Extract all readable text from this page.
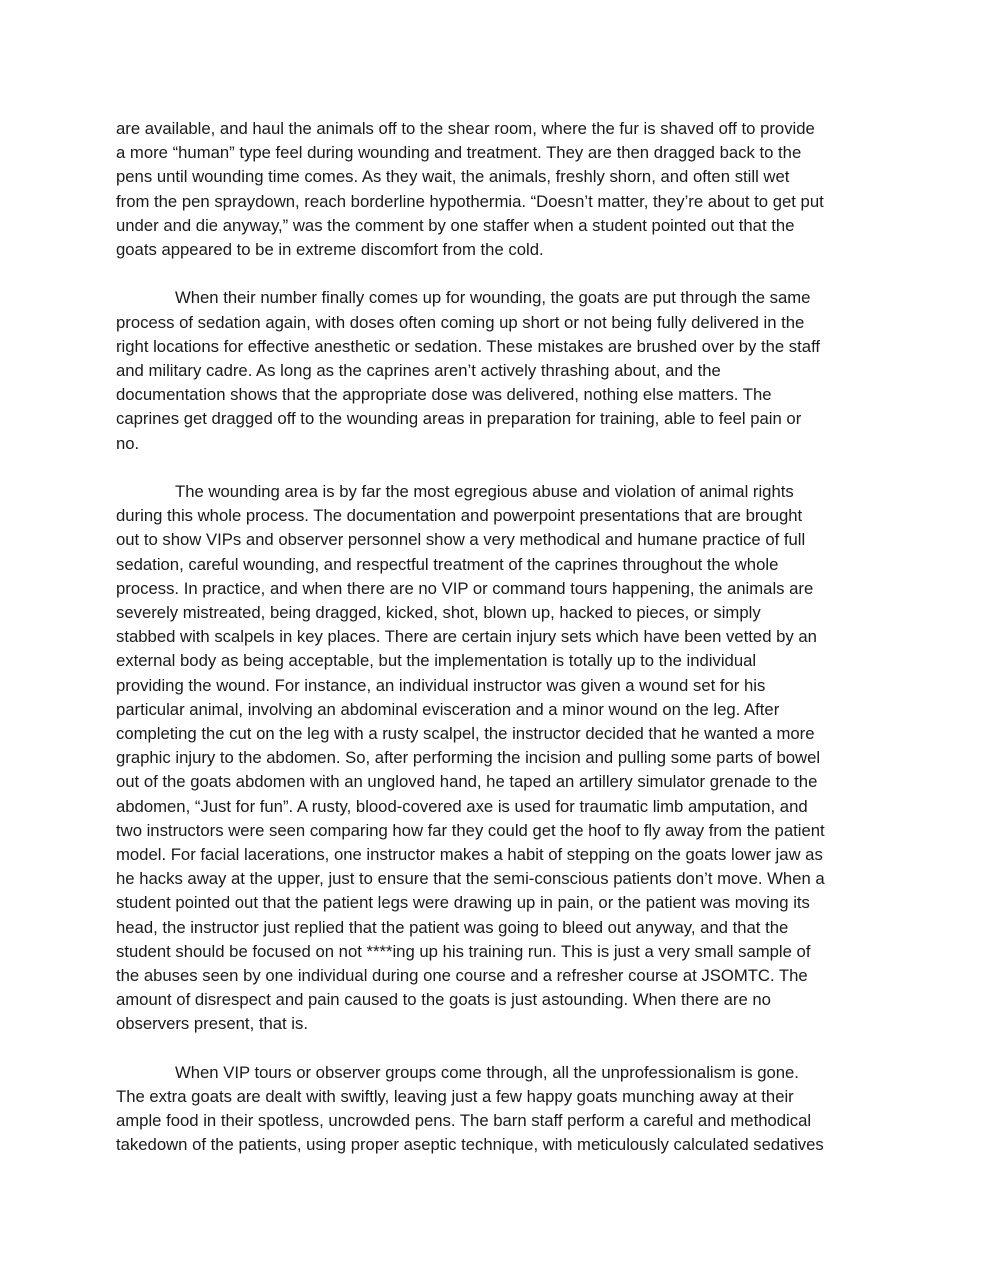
are available, and haul the animals off to the shear room, where the fur is shaved off to provide
a more “human” type feel during wounding and treatment. They are then dragged back to the
pens until wounding time comes. As they wait, the animals, freshly shorn, and often still wet
from the pen spraydown, reach borderline hypothermia. “Doesn’t matter, they’re about to get put
under and die anyway,” was the comment by one staffer when a student pointed out that the
goats appeared to be in extreme discomfort from the cold.

When their number finally comes up for wounding, the goats are put through the same
process of sedation again, with doses often coming up short or not being fully delivered in the
right locations for effective anesthetic or sedation. These mistakes are brushed over by the staff
and military cadre. As long as the caprines aren’t actively thrashing about, and the
documentation shows that the appropriate dose was delivered, nothing else matters. The
caprines get dragged off to the wounding areas in preparation for training, able to feel pain or
no.

The wounding area is by far the most egregious abuse and violation of animal rights
during this whole process. The documentation and powerpoint presentations that are brought
out to show VIPs and observer personnel show a very methodical and humane practice of full
sedation, careful wounding, and respectful treatment of the caprines throughout the whole
process. In practice, and when there are no VIP or command tours happening, the animals are
severely mistreated, being dragged, kicked, shot, blown up, hacked to pieces, or simply
stabbed with scalpels in key places. There are certain injury sets which have been vetted by an
external body as being acceptable, but the implementation is totally up to the individual
providing the wound. For instance, an individual instructor was given a wound set for his
particular animal, involving an abdominal evisceration and a minor wound on the leg. After
completing the cut on the leg with a rusty scalpel, the instructor decided that he wanted a more
graphic injury to the abdomen. So, after performing the incision and pulling some parts of bowel
out of the goats abdomen with an ungloved hand, he taped an artillery simulator grenade to the
abdomen, “Just for fun”. A rusty, blood-covered axe is used for traumatic limb amputation, and
two instructors were seen comparing how far they could get the hoof to fly away from the patient
model. For facial lacerations, one instructor makes a habit of stepping on the goats lower jaw as
he hacks away at the upper, just to ensure that the semi-conscious patients don’t move. When a
student pointed out that the patient legs were drawing up in pain, or the patient was moving its
head, the instructor just replied that the patient was going to bleed out anyway, and that the
student should be focused on not ****ing up his training run. This is just a very small sample of
the abuses seen by one individual during one course and a refresher course at JSOMTC. The
amount of disrespect and pain caused to the goats is just astounding. When there are no
observers present, that is.

When VIP tours or observer groups come through, all the unprofessionalism is gone.
The extra goats are dealt with swiftly, leaving just a few happy goats munching away at their
ample food in their spotless, uncrowded pens. The barn staff perform a careful and methodical
takedown of the patients, using proper aseptic technique, with meticulously calculated sedatives
